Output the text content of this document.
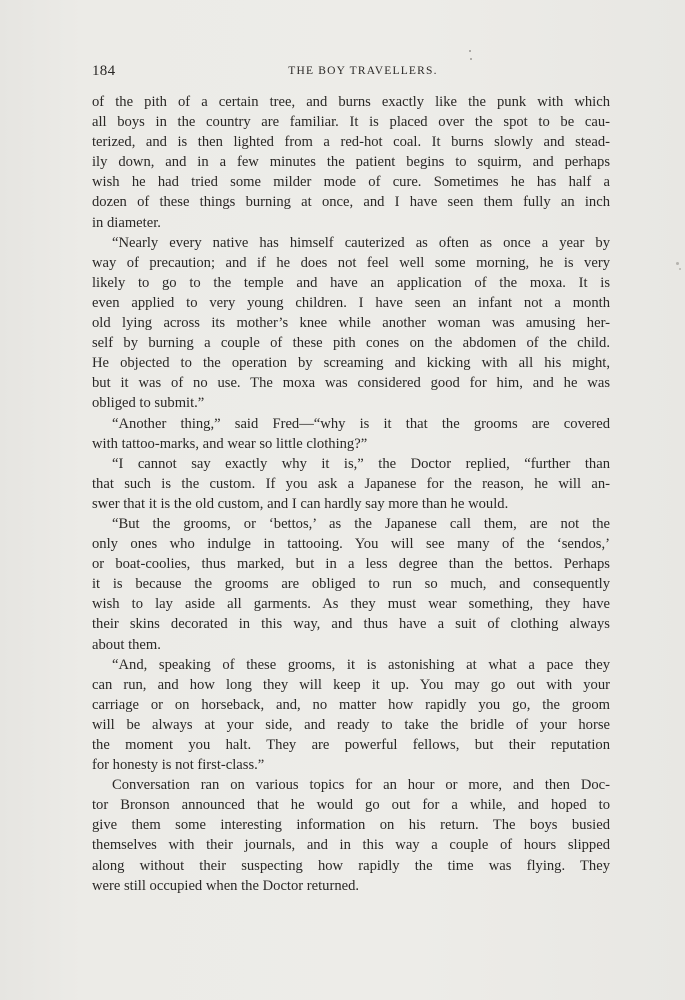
184	THE BOY TRAVELLERS.
of the pith of a certain tree, and burns exactly like the punk with which
all boys in the country are familiar. It is placed over the spot to be cau-
terized, and is then lighted from a red-hot coal. It burns slowly and stead-
ily down, and in a few minutes the patient begins to squirm, and perhaps
wish he had tried some milder mode of cure. Sometimes he has half a
dozen of these things burning at once, and I have seen them fully an inch
in diameter.
“Nearly every native has himself cauterized as often as once a year by
way of precaution; and if he does not feel well some morning, he is very
likely to go to the temple and have an application of the moxa. It is
even applied to very young children. I have seen an infant not a month
old lying across its mother’s knee while another woman was amusing her-
self by burning a couple of these pith cones on the abdomen of the child.
He objected to the operation by screaming and kicking with all his might,
but it was of no use. The moxa was considered good for him, and he was
obliged to submit.”
“Another thing,” said Fred—“why is it that the grooms are covered
with tattoo-marks, and wear so little clothing?”
“I cannot say exactly why it is,” the Doctor replied, “further than
that such is the custom. If you ask a Japanese for the reason, he will an-
swer that it is the old custom, and I can hardly say more than he would.
“But the grooms, or ‘bettos,’ as the Japanese call them, are not the
only ones who indulge in tattooing. You will see many of the ‘sendos,’
or boat-coolies, thus marked, but in a less degree than the bettos. Perhaps
it is because the grooms are obliged to run so much, and consequently
wish to lay aside all garments. As they must wear something, they have
their skins decorated in this way, and thus have a suit of clothing always
about them.
“And, speaking of these grooms, it is astonishing at what a pace they
can run, and how long they will keep it up. You may go out with your
carriage or on horseback, and, no matter how rapidly you go, the groom
will be always at your side, and ready to take the bridle of your horse
the moment you halt. They are powerful fellows, but their reputation
for honesty is not first-class.”
Conversation ran on various topics for an hour or more, and then Doc-
tor Bronson announced that he would go out for a while, and hoped to
give them some interesting information on his return. The boys busied
themselves with their journals, and in this way a couple of hours slipped
along without their suspecting how rapidly the time was flying. They
were still occupied when the Doctor returned.
